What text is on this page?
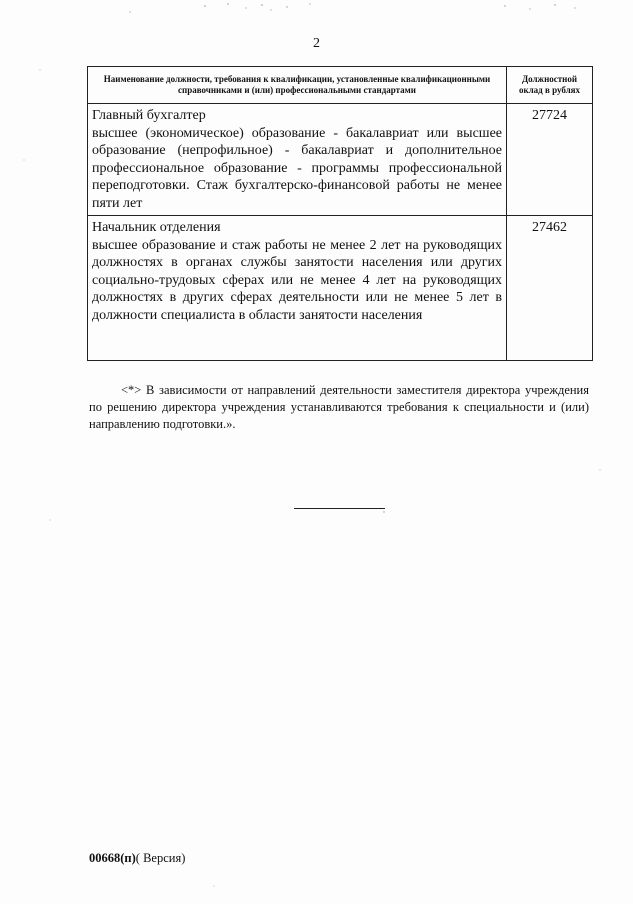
2
Наименование должности, требования к квалификации, установленные квалификационными справочниками и (или) профессиональными стандартами	Должностной оклад в рублях

Главный бухгалтер
высшее (экономическое) образование - бакалавриат или высшее образование (непрофильное) - бакалавриат и дополнительное профессиональное образование - программы профессиональной переподготовки. Стаж бухгалтерско-финансовой работы не менее пяти лет	27724

Начальник отделения
высшее образование и стаж работы не менее 2 лет на руководящих должностях в органах службы занятости населения или других социально-трудовых сферах или не менее 4 лет на руководящих должностях в других сферах деятельности или не менее 5 лет в должности специалиста в области занятости населения	27462
<*> В зависимости от направлений деятельности заместителя директора учреждения по решению директора учреждения устанавливаются требования к специальности и (или) направлению подготовки.».
00668(п)( Версия)
